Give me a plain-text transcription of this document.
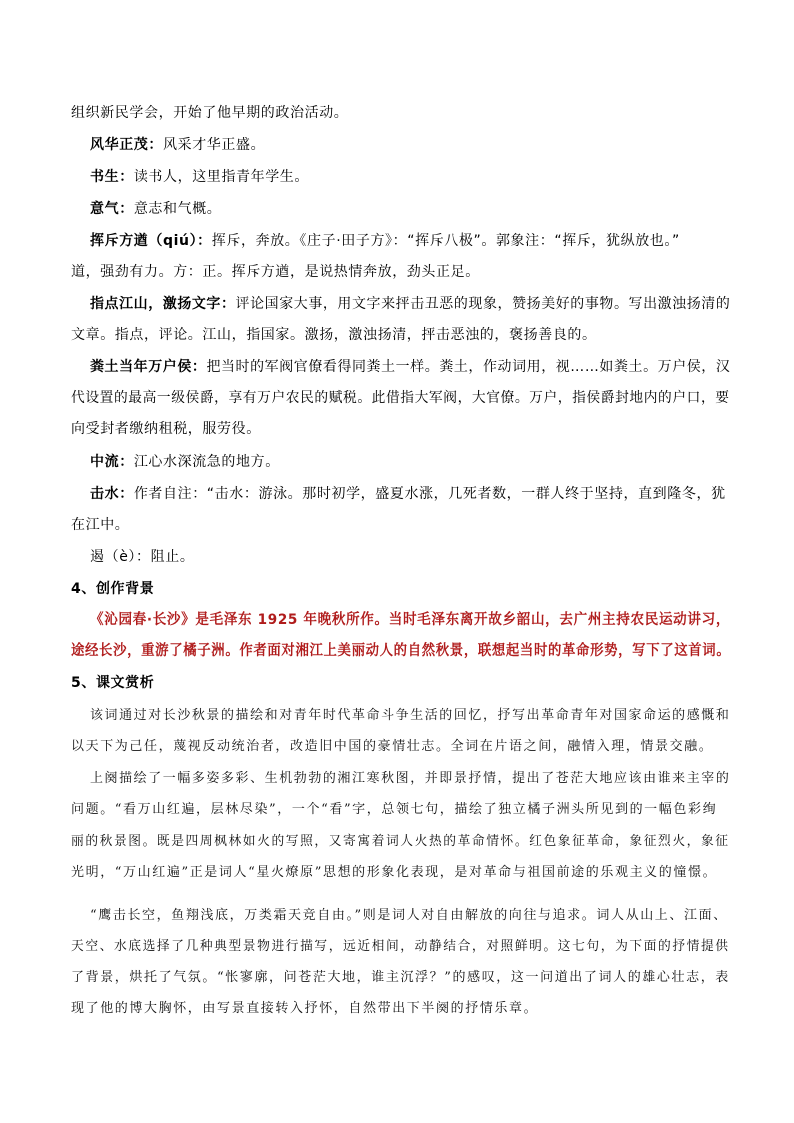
组织新民学会，开始了他早期的政治活动。
风华正茂：风采才华正盛。
书生：读书人，这里指青年学生。
意气：意志和气概。
挥斥方遒（qiú）：挥斥，奔放。《庄子·田子方》：“挥斥八极”。郭象注：“挥斥，犹纵放也。”
道，强劲有力。方：正。挥斥方遒，是说热情奔放，劲头正足。
指点江山，激扬文字：评论国家大事，用文字来抨击丑恶的现象，赞扬美好的事物。写出激浊扬清的
文章。指点，评论。江山，指国家。激扬，激浊扬清，抨击恶浊的，褒扬善良的。
粪土当年万户侯：把当时的军阀官僚看得同粪土一样。粪土，作动词用，视……如粪土。万户侯，汉
代设置的最高一级侯爵，享有万户农民的赋税。此借指大军阀，大官僚。万户，指侯爵封地内的户口，要
向受封者缴纳租税，服劳役。
中流：江心水深流急的地方。
击水：作者自注：“击水：游泳。那时初学，盛夏水涨，几死者数，一群人终于坚持，直到隆冬，犹
在江中。
遏（è）：阻止。
4、创作背景
《沁园春·长沙》是毛泽东 1925 年晚秋所作。当时毛泽东离开故乡韶山，去广州主持农民运动讲习，
途经长沙，重游了橘子洲。作者面对湘江上美丽动人的自然秋景，联想起当时的革命形势，写下了这首词。
5、课文赏析
该词通过对长沙秋景的描绘和对青年时代革命斗争生活的回忆，抒写出革命青年对国家命运的感慨和
以天下为己任，蔑视反动统治者，改造旧中国的豪情壮志。全词在片语之间，融情入理，情景交融。
上阕描绘了一幅多姿多彩、生机勃勃的湘江寒秋图，并即景抒情，提出了苍茫大地应该由谁来主宰的
问题。“看万山红遍，层林尽染”，一个“看”字，总领七句，描绘了独立橘子洲头所见到的一幅色彩绚
丽的秋景图。既是四周枫林如火的写照，又寄寓着词人火热的革命情怀。红色象征革命，象征烈火，象征
光明，“万山红遍”正是词人“星火燎原”思想的形象化表现，是对革命与祖国前途的乐观主义的憧憬。
“鹰击长空，鱼翔浅底，万类霜天竞自由。”则是词人对自由解放的向往与追求。词人从山上、江面、
天空、水底选择了几种典型景物进行描写，远近相间，动静结合，对照鲜明。这七句，为下面的抒情提供
了背景，烘托了气氛。“怅寥廓，问苍茫大地，谁主沉浮？”的感叹，这一问道出了词人的雄心壮志，表
现了他的博大胸怀，由写景直接转入抒怀，自然带出下半阕的抒情乐章。
